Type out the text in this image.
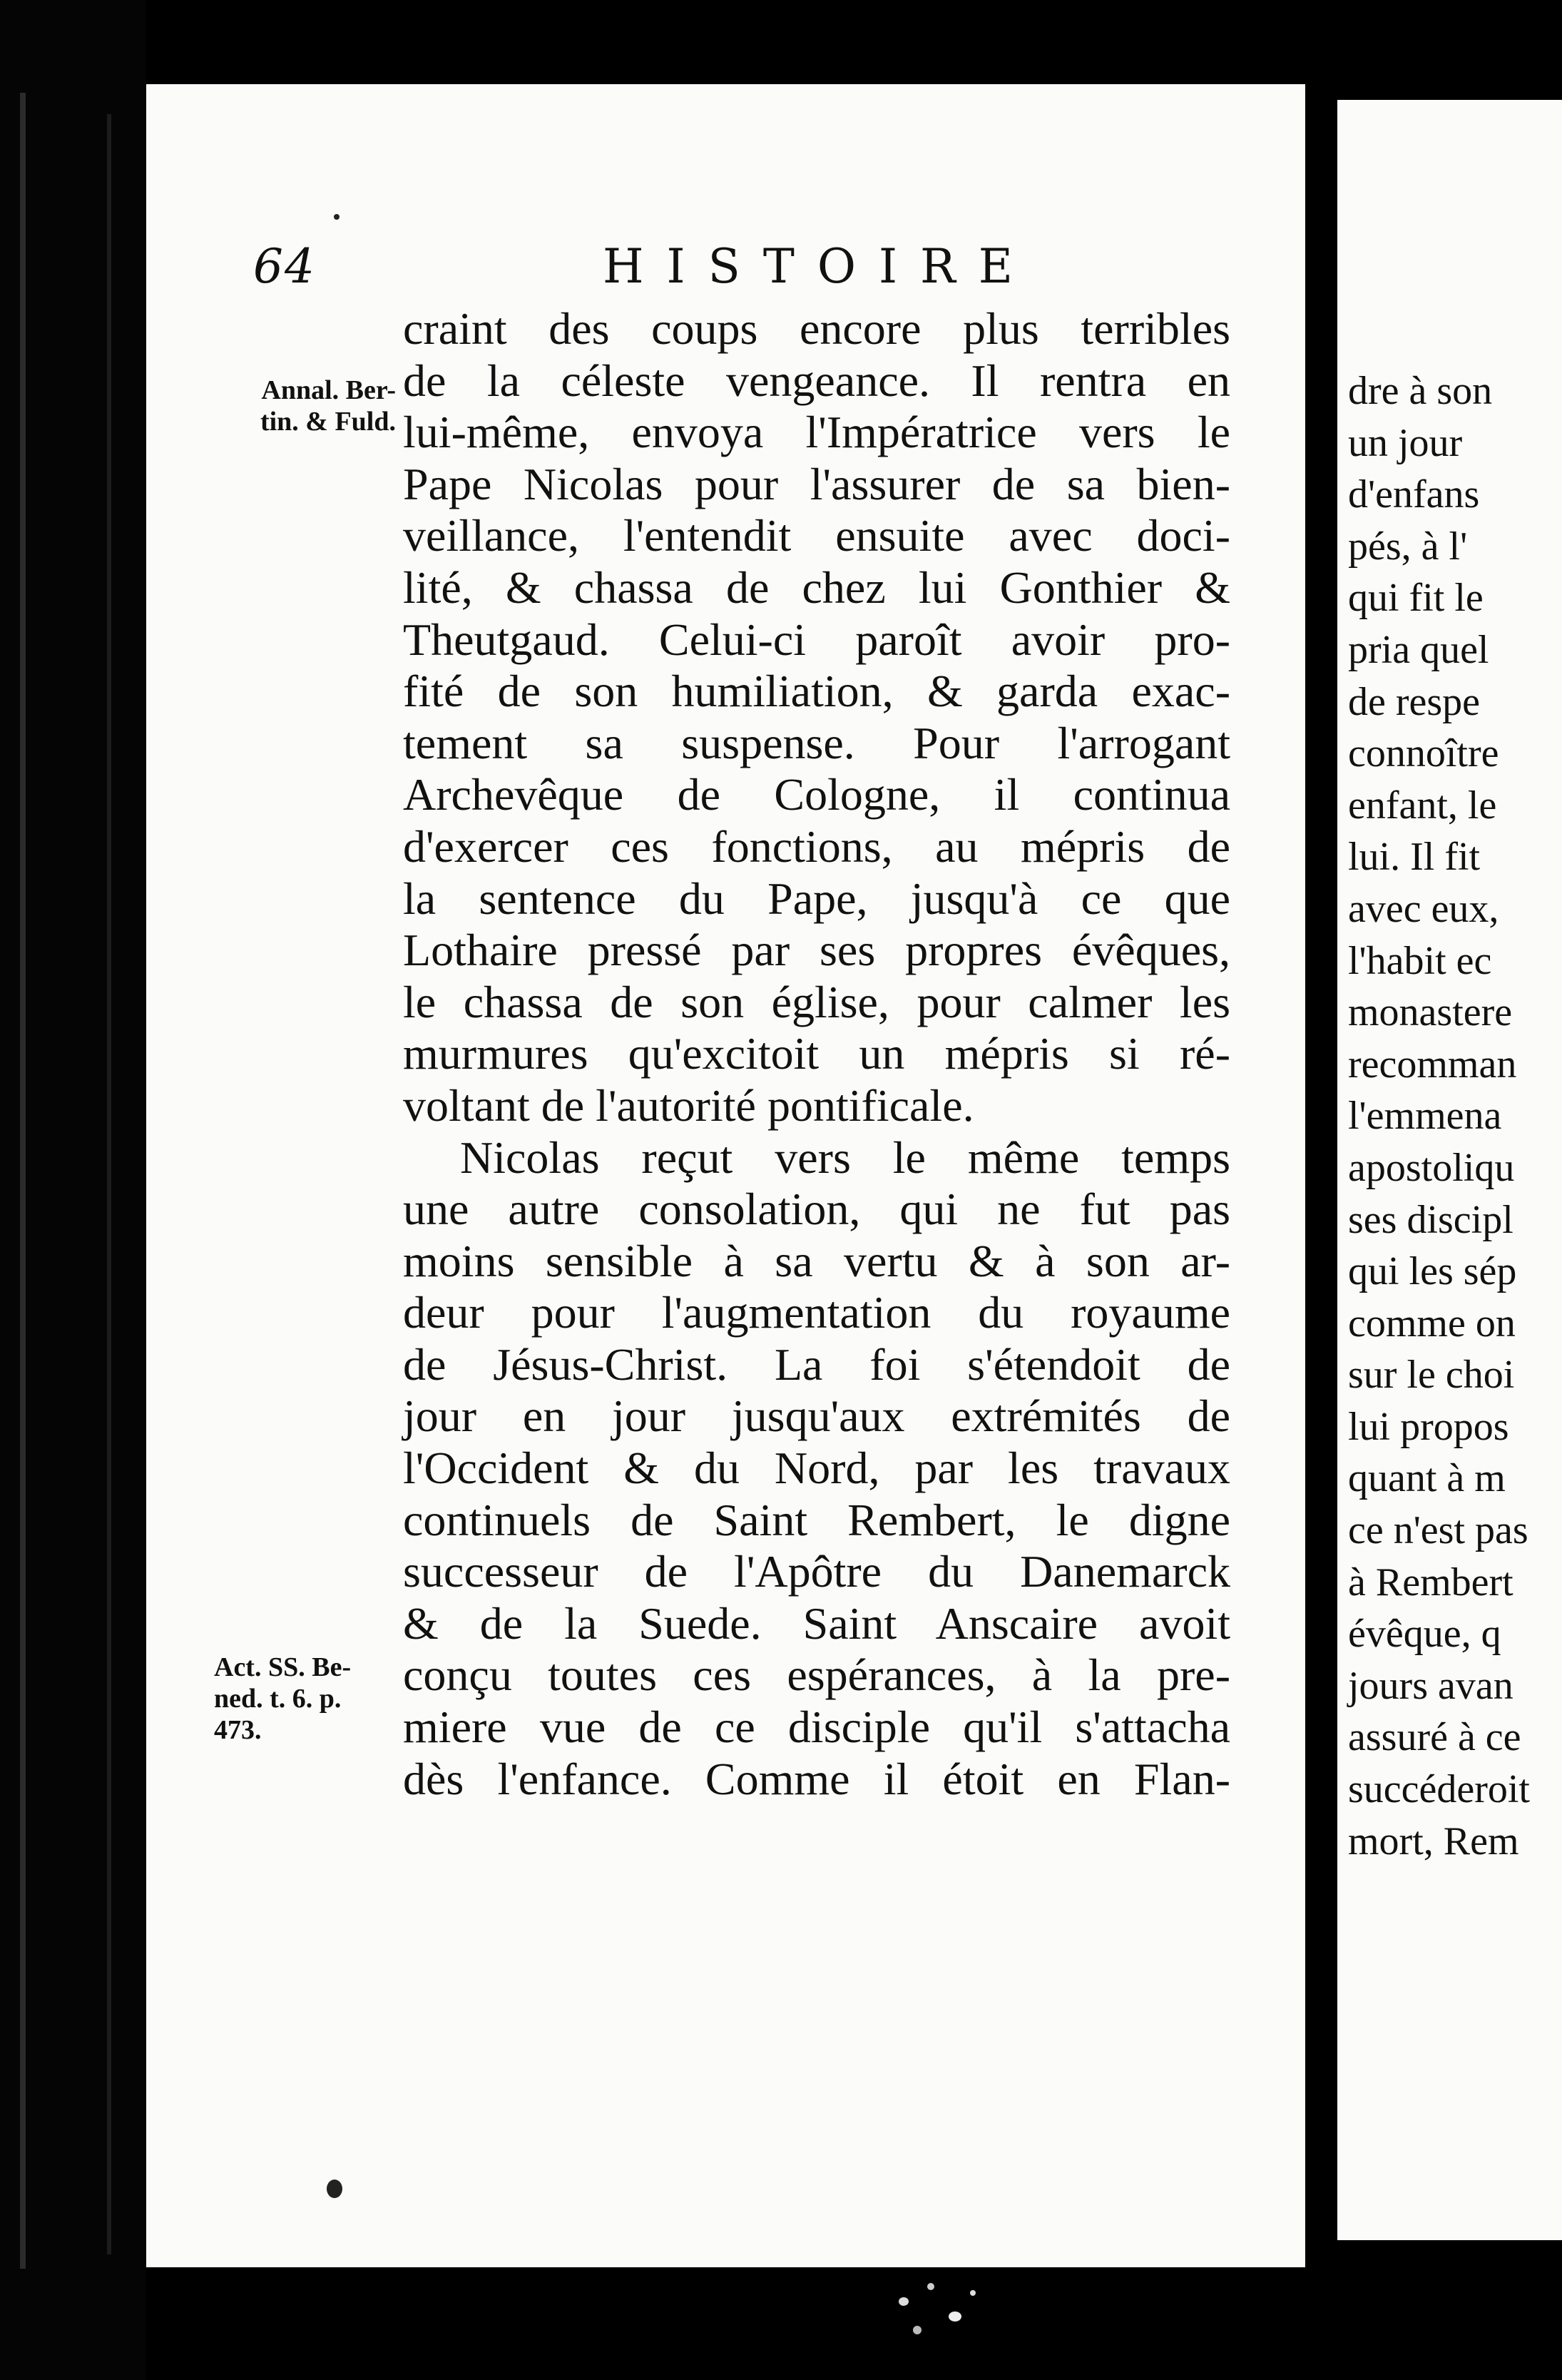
64	HISTOIRE
Annal. Ber-
tin. & Fuld.
Act. SS. Be-
ned. t. 6. p.
473.
craint des coups encore plus terribles
de la céleste vengeance. Il rentra en
lui-même, envoya l'Impératrice vers le
Pape Nicolas pour l'assurer de sa bien-
veillance, l'entendit ensuite avec doci-
lité, & chassa de chez lui Gonthier &
Theutgaud. Celui-ci paroît avoir pro-
fité de son humiliation, & garda exac-
tement sa suspense. Pour l'arrogant
Archevêque de Cologne, il continua
d'exercer ces fonctions, au mépris de
la sentence du Pape, jusqu'à ce que
Lothaire pressé par ses propres évêques,
le chassa de son église, pour calmer les
murmures qu'excitoit un mépris si ré-
voltant de l'autorité pontificale.
Nicolas reçut vers le même temps
une autre consolation, qui ne fut pas
moins sensible à sa vertu & à son ar-
deur pour l'augmentation du royaume
de Jésus-Christ. La foi s'étendoit de
jour en jour jusqu'aux extrémités de
l'Occident & du Nord, par les travaux
continuels de Saint Rembert, le digne
successeur de l'Apôtre du Danemarck
& de la Suede. Saint Anscaire avoit
conçu toutes ces espérances, à la pre-
miere vue de ce disciple qu'il s'attacha
dès l'enfance. Comme il étoit en Flan-
dre à son
un jour
d'enfans
pés, à l'
qui fit le
pria quel
de respe
connoître
enfant, le
lui. Il fit
avec eux,
l'habit ec
monastere
recomman
l'emmena
apostoliqu
ses discipl
qui les sép
comme on
sur le choi
lui propos
quant à m
ce n'est pas
à Rembert
évêque, q
jours avan
assuré à ce
succéderoit
mort, Rem
